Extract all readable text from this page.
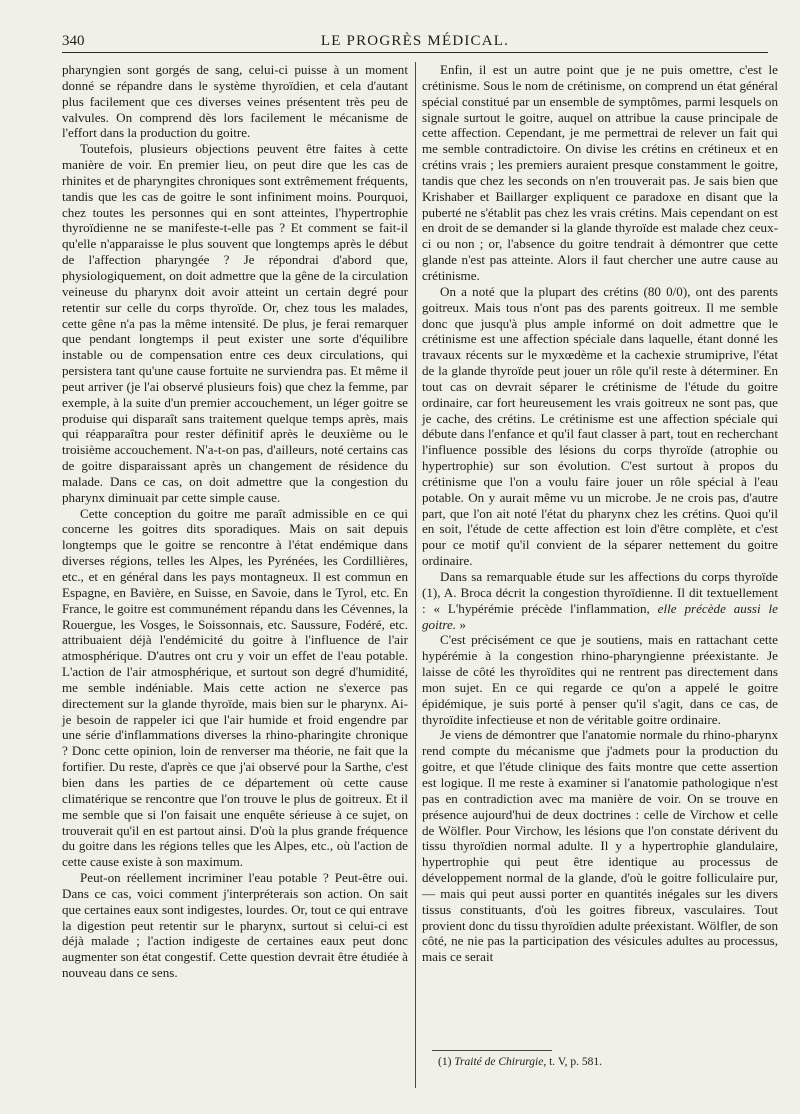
340	LE PROGRÈS MÉDICAL.

pharyngien sont gorgés de sang, celui-ci puisse à un moment donné se répandre dans le système thyroïdien, et cela d'autant plus facilement que ces diverses veines présentent très peu de valvules. On comprend dès lors facilement le mécanisme de l'effort dans la production du goitre.

Toutefois, plusieurs objections peuvent être faites à cette manière de voir. En premier lieu, on peut dire que les cas de rhinites et de pharyngites chroniques sont extrêmement fréquents, tandis que les cas de goitre le sont infiniment moins. Pourquoi, chez toutes les personnes qui en sont atteintes, l'hypertrophie thyroïdienne ne se manifeste-t-elle pas ? Et comment se fait-il qu'elle n'apparaisse le plus souvent que longtemps après le début de l'affection pharyngée ? Je répondrai d'abord que, physiologiquement, on doit admettre que la gêne de la circulation veineuse du pharynx doit avoir atteint un certain degré pour retentir sur celle du corps thyroïde. Or, chez tous les malades, cette gêne n'a pas la même intensité. De plus, je ferai remarquer que pendant longtemps il peut exister une sorte d'équilibre instable ou de compensation entre ces deux circulations, qui persistera tant qu'une cause fortuite ne surviendra pas. Et même il peut arriver (je l'ai observé plusieurs fois) que chez la femme, par exemple, à la suite d'un premier accouchement, un léger goitre se produise qui disparaît sans traitement quelque temps après, mais qui réapparaîtra pour rester définitif après le deuxième ou le troisième accouchement. N'a-t-on pas, d'ailleurs, noté certains cas de goitre disparaissant après un changement de résidence du malade. Dans ce cas, on doit admettre que la congestion du pharynx diminuait par cette simple cause.

Cette conception du goitre me paraît admissible en ce qui concerne les goitres dits sporadiques. Mais on sait depuis longtemps que le goitre se rencontre à l'état endémique dans diverses régions, telles les Alpes, les Pyrénées, les Cordillières, etc., et en général dans les pays montagneux. Il est commun en Espagne, en Bavière, en Suisse, en Savoie, dans le Tyrol, etc. En France, le goitre est communément répandu dans les Cévennes, la Rouergue, les Vosges, le Soissonnais, etc. Saussure, Fodéré, etc. attribuaient déjà l'endémicité du goitre à l'influence de l'air atmosphérique. D'autres ont cru y voir un effet de l'eau potable. L'action de l'air atmosphérique, et surtout son degré d'humidité, me semble indéniable. Mais cette action ne s'exerce pas directement sur la glande thyroïde, mais bien sur le pharynx. Ai-je besoin de rappeler ici que l'air humide et froid engendre par une série d'inflammations diverses la rhino-pharingite chronique ? Donc cette opinion, loin de renverser ma théorie, ne fait que la fortifier. Du reste, d'après ce que j'ai observé pour la Sarthe, c'est bien dans les parties de ce département où cette cause climatérique se rencontre que l'on trouve le plus de goitreux. Et il me semble que si l'on faisait une enquête sérieuse à ce sujet, on trouverait qu'il en est partout ainsi. D'où la plus grande fréquence du goitre dans les régions telles que les Alpes, etc., où l'action de cette cause existe à son maximum.

Peut-on réellement incriminer l'eau potable ? Peut-être oui. Dans ce cas, voici comment j'interpréterais son action. On sait que certaines eaux sont indigestes, lourdes. Or, tout ce qui entrave la digestion peut retentir sur le pharynx, surtout si celui-ci est déjà malade ; l'action indigeste de certaines eaux peut donc augmenter son état congestif. Cette question devrait être étudiée à nouveau dans ce sens.

Enfin, il est un autre point que je ne puis omettre, c'est le crétinisme. Sous le nom de crétinisme, on comprend un état général spécial constitué par un ensemble de symptômes, parmi lesquels on signale surtout le goitre, auquel on attribue la cause principale de cette affection. Cependant, je me permettrai de relever un fait qui me semble contradictoire. On divise les crétins en crétineux et en crétins vrais ; les premiers auraient presque constamment le goitre, tandis que chez les seconds on n'en trouverait pas. Je sais bien que Krishaber et Baillarger expliquent ce paradoxe en disant que la puberté ne s'établit pas chez les vrais crétins. Mais cependant on est en droit de se demander si la glande thyroïde est malade chez ceux-ci ou non ; or, l'absence du goitre tendrait à démontrer que cette glande n'est pas atteinte. Alors il faut chercher une autre cause au crétinisme.

On a noté que la plupart des crétins (80 0/0), ont des parents goitreux. Mais tous n'ont pas des parents goitreux. Il me semble donc que jusqu'à plus ample informé on doit admettre que le crétinisme est une affection spéciale dans laquelle, étant donné les travaux récents sur le myxœdème et la cachexie strumiprive, l'état de la glande thyroïde peut jouer un rôle qu'il reste à déterminer. En tout cas on devrait séparer le crétinisme de l'étude du goitre ordinaire, car fort heureusement les vrais goitreux ne sont pas, que je cache, des crétins. Le crétinisme est une affection spéciale qui débute dans l'enfance et qu'il faut classer à part, tout en recherchant l'influence possible des lésions du corps thyroïde (atrophie ou hypertrophie) sur son évolution. C'est surtout à propos du crétinisme que l'on a voulu faire jouer un rôle spécial à l'eau potable. On y aurait même vu un microbe. Je ne crois pas, d'autre part, que l'on ait noté l'état du pharynx chez les crétins. Quoi qu'il en soit, l'étude de cette affection est loin d'être complète, et c'est pour ce motif qu'il convient de la séparer nettement du goitre ordinaire.

Dans sa remarquable étude sur les affections du corps thyroïde (1), A. Broca décrit la congestion thyroïdienne. Il dit textuellement : « L'hypérémie précède l'inflammation, elle précède aussi le goitre. »

C'est précisément ce que je soutiens, mais en rattachant cette hypérémie à la congestion rhino-pharyngienne préexistante. Je laisse de côté les thyroïdites qui ne rentrent pas directement dans mon sujet. En ce qui regarde ce qu'on a appelé le goitre épidémique, je suis porté à penser qu'il s'agit, dans ce cas, de thyroïdite infectieuse et non de véritable goitre ordinaire.

Je viens de démontrer que l'anatomie normale du rhino-pharynx rend compte du mécanisme que j'admets pour la production du goitre, et que l'étude clinique des faits montre que cette assertion est logique. Il me reste à examiner si l'anatomie pathologique n'est pas en contradiction avec ma manière de voir. On se trouve en présence aujourd'hui de deux doctrines : celle de Virchow et celle de Wölfler. Pour Virchow, les lésions que l'on constate dérivent du tissu thyroïdien normal adulte. Il y a hypertrophie glandulaire, hypertrophie qui peut être identique au processus de développement normal de la glande, d'où le goitre folliculaire pur, — mais qui peut aussi porter en quantités inégales sur les divers tissus constituants, d'où les goitres fibreux, vasculaires. Tout provient donc du tissu thyroïdien adulte préexistant. Wölfler, de son côté, ne nie pas la participation des vésicules adultes au processus, mais ce serait

(1) Traité de Chirurgie, t. V, p. 581.
